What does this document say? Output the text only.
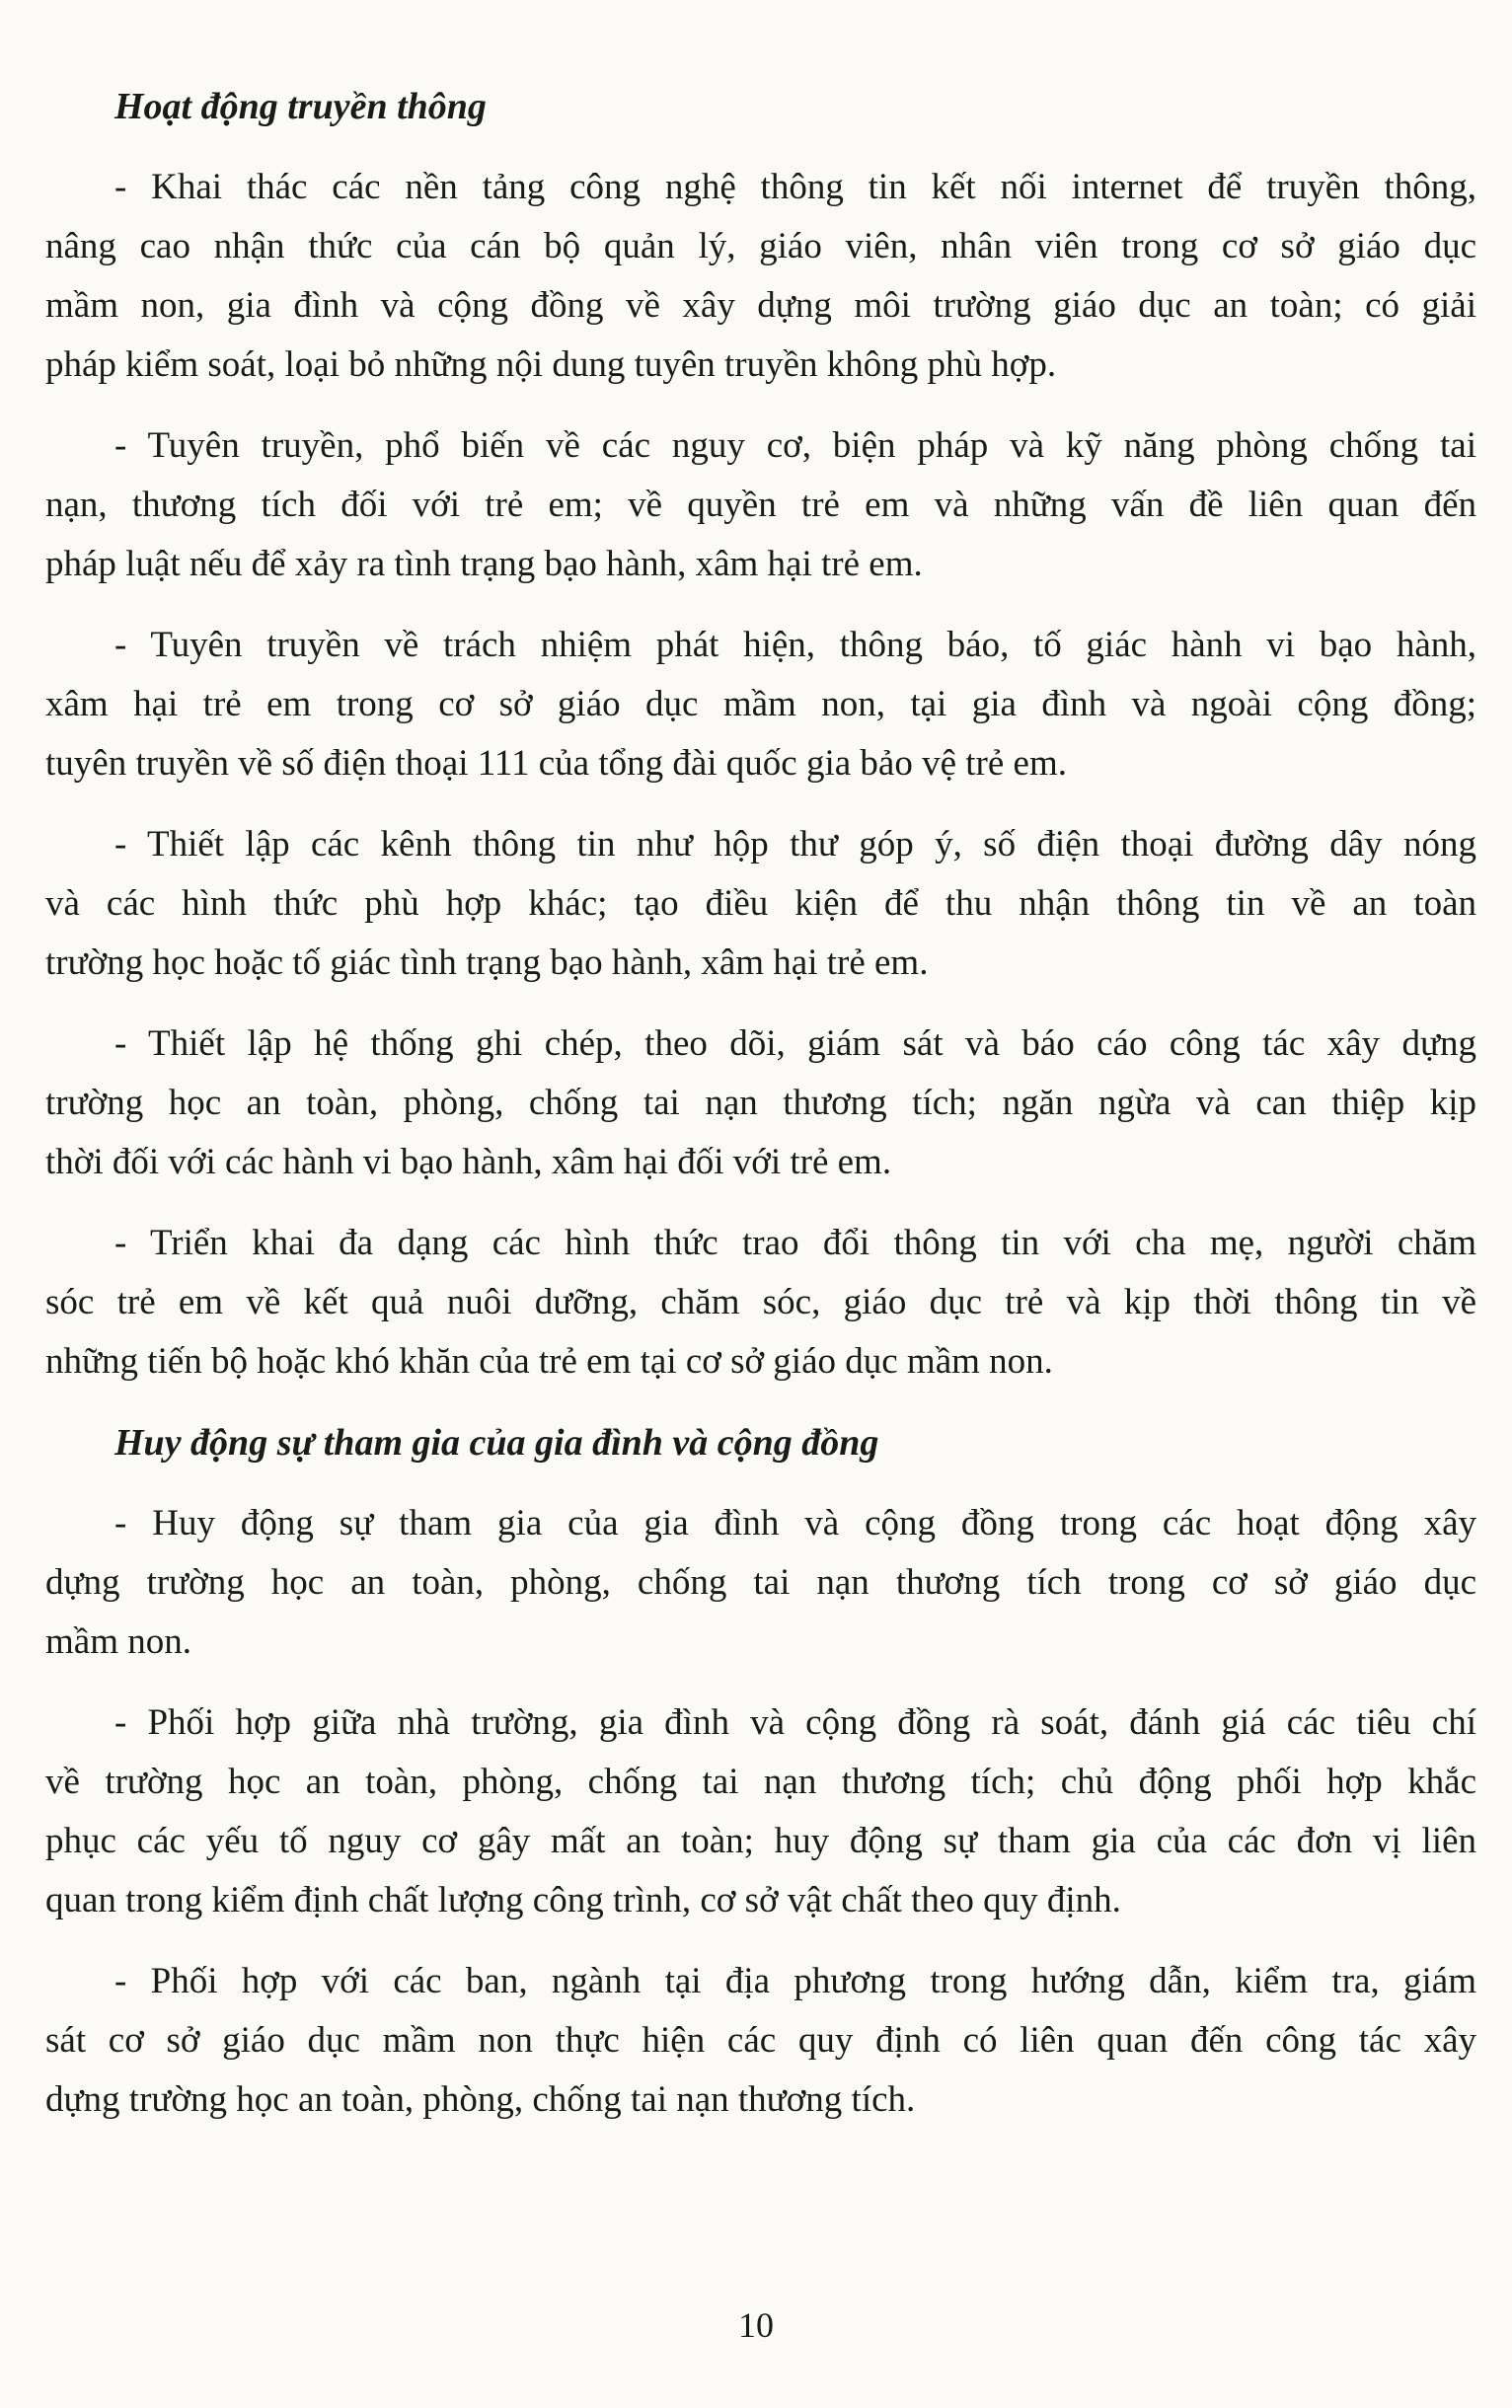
Hoạt động truyền thông
- Khai thác các nền tảng công nghệ thông tin kết nối internet để truyền thông,
nâng cao nhận thức của cán bộ quản lý, giáo viên, nhân viên trong cơ sở giáo dục
mầm non, gia đình và cộng đồng về xây dựng môi trường giáo dục an toàn; có giải
pháp kiểm soát, loại bỏ những nội dung tuyên truyền không phù hợp.
- Tuyên truyền, phổ biến về các nguy cơ, biện pháp và kỹ năng phòng chống tai
nạn, thương tích đối với trẻ em; về quyền trẻ em và những vấn đề liên quan đến
pháp luật nếu để xảy ra tình trạng bạo hành, xâm hại trẻ em.
- Tuyên truyền về trách nhiệm phát hiện, thông báo, tố giác hành vi bạo hành,
xâm hại trẻ em trong cơ sở giáo dục mầm non, tại gia đình và ngoài cộng đồng;
tuyên truyền về số điện thoại 111 của tổng đài quốc gia bảo vệ trẻ em.
- Thiết lập các kênh thông tin như hộp thư góp ý, số điện thoại đường dây nóng
và các hình thức phù hợp khác; tạo điều kiện để thu nhận thông tin về an toàn
trường học hoặc tố giác tình trạng bạo hành, xâm hại trẻ em.
- Thiết lập hệ thống ghi chép, theo dõi, giám sát và báo cáo công tác xây dựng
trường học an toàn, phòng, chống tai nạn thương tích; ngăn ngừa và can thiệp kịp
thời đối với các hành vi bạo hành, xâm hại đối với trẻ em.
- Triển khai đa dạng các hình thức trao đổi thông tin với cha mẹ, người chăm
sóc trẻ em về kết quả nuôi dưỡng, chăm sóc, giáo dục trẻ và kịp thời thông tin về
những tiến bộ hoặc khó khăn của trẻ em tại cơ sở giáo dục mầm non.
Huy động sự tham gia của gia đình và cộng đồng
- Huy động sự tham gia của gia đình và cộng đồng trong các hoạt động xây
dựng trường học an toàn, phòng, chống tai nạn thương tích trong cơ sở giáo dục
mầm non.
- Phối hợp giữa nhà trường, gia đình và cộng đồng rà soát, đánh giá các tiêu chí
về trường học an toàn, phòng, chống tai nạn thương tích; chủ động phối hợp khắc
phục các yếu tố nguy cơ gây mất an toàn; huy động sự tham gia của các đơn vị liên
quan trong kiểm định chất lượng công trình, cơ sở vật chất theo quy định.
- Phối hợp với các ban, ngành tại địa phương trong hướng dẫn, kiểm tra, giám
sát cơ sở giáo dục mầm non thực hiện các quy định có liên quan đến công tác xây
dựng trường học an toàn, phòng, chống tai nạn thương tích.
10
